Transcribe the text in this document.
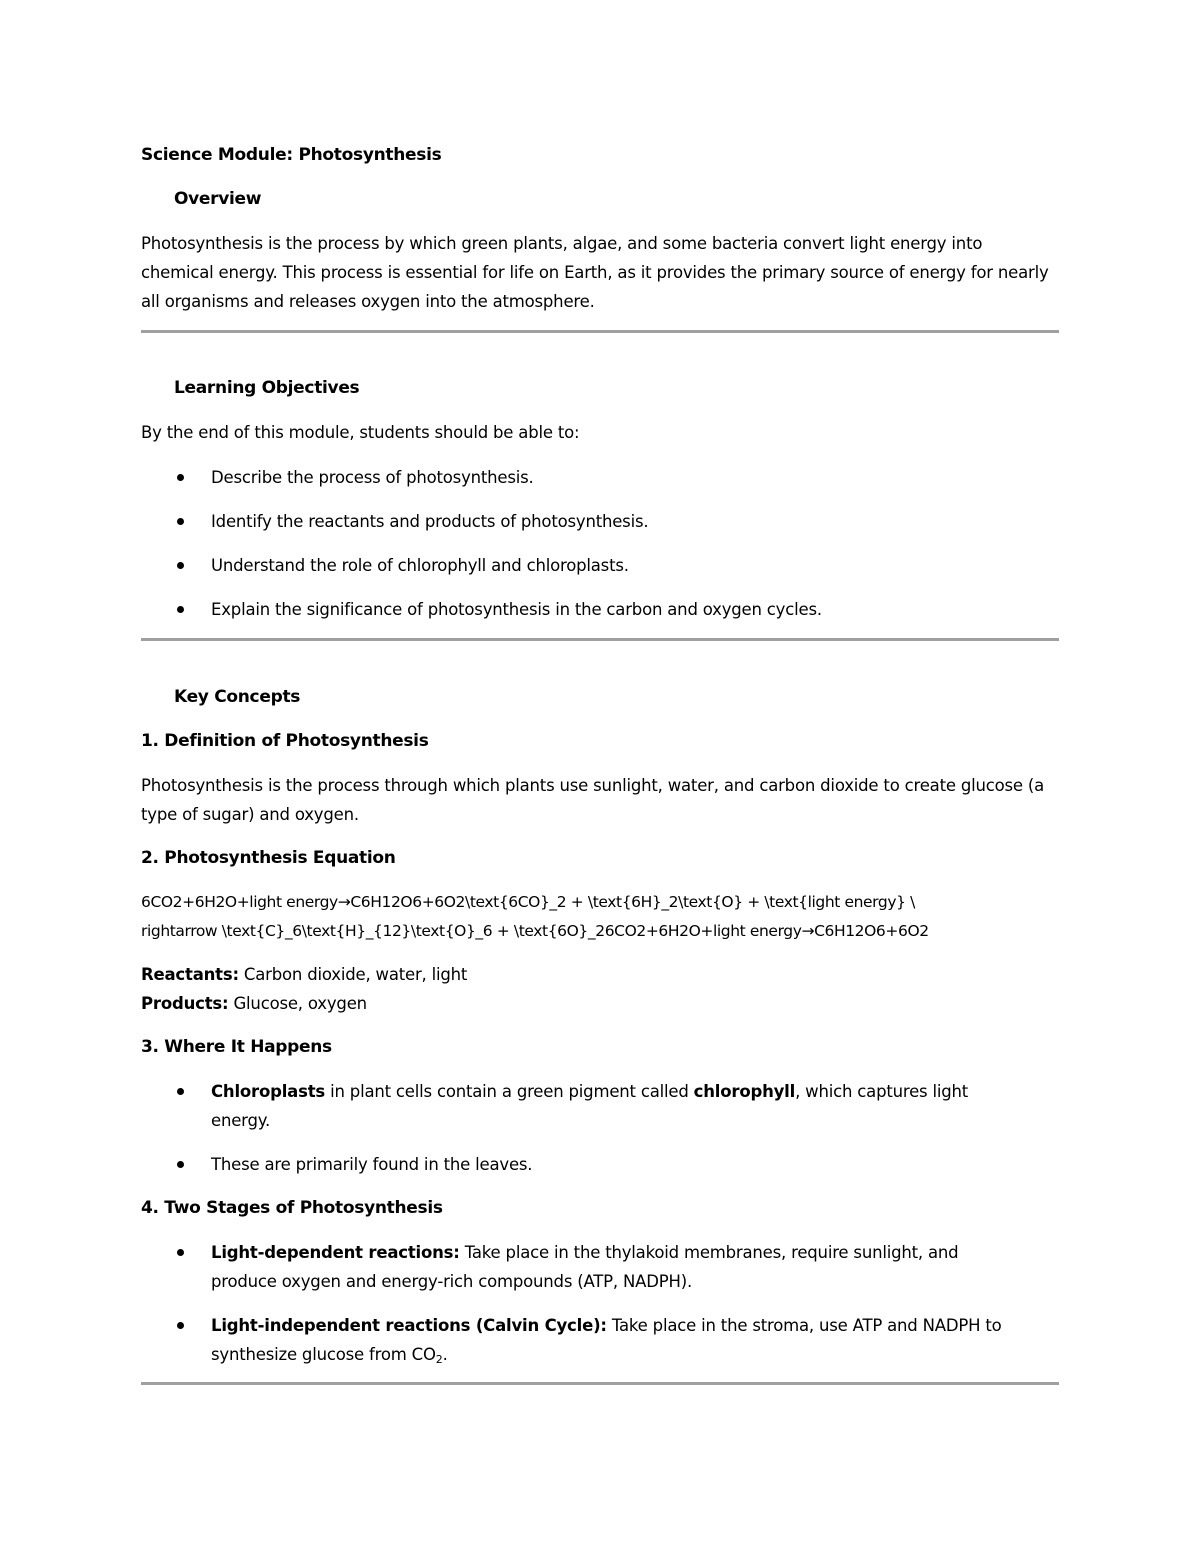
Science Module: Photosynthesis
Overview
Photosynthesis is the process by which green plants, algae, and some bacteria convert light energy into chemical energy. This process is essential for life on Earth, as it provides the primary source of energy for nearly all organisms and releases oxygen into the atmosphere.
Learning Objectives
By the end of this module, students should be able to:
Describe the process of photosynthesis.
Identify the reactants and products of photosynthesis.
Understand the role of chlorophyll and chloroplasts.
Explain the significance of photosynthesis in the carbon and oxygen cycles.
Key Concepts
1. Definition of Photosynthesis
Photosynthesis is the process through which plants use sunlight, water, and carbon dioxide to create glucose (a type of sugar) and oxygen.
2. Photosynthesis Equation
6CO2+6H2O+light energy→C6H12O6+6O2\text{6CO}_2 + \text{6H}_2\text{O} + \text{light energy} \
rightarrow \text{C}_6\text{H}_{12}\text{O}_6 + \text{6O}_26CO2+6H2O+light energy→C6H12O6+6O2
Reactants: Carbon dioxide, water, light
Products: Glucose, oxygen
3. Where It Happens
Chloroplasts in plant cells contain a green pigment called chlorophyll, which captures light energy.
These are primarily found in the leaves.
4. Two Stages of Photosynthesis
Light-dependent reactions: Take place in the thylakoid membranes, require sunlight, and produce oxygen and energy-rich compounds (ATP, NADPH).
Light-independent reactions (Calvin Cycle): Take place in the stroma, use ATP and NADPH to synthesize glucose from $CO_2$.
